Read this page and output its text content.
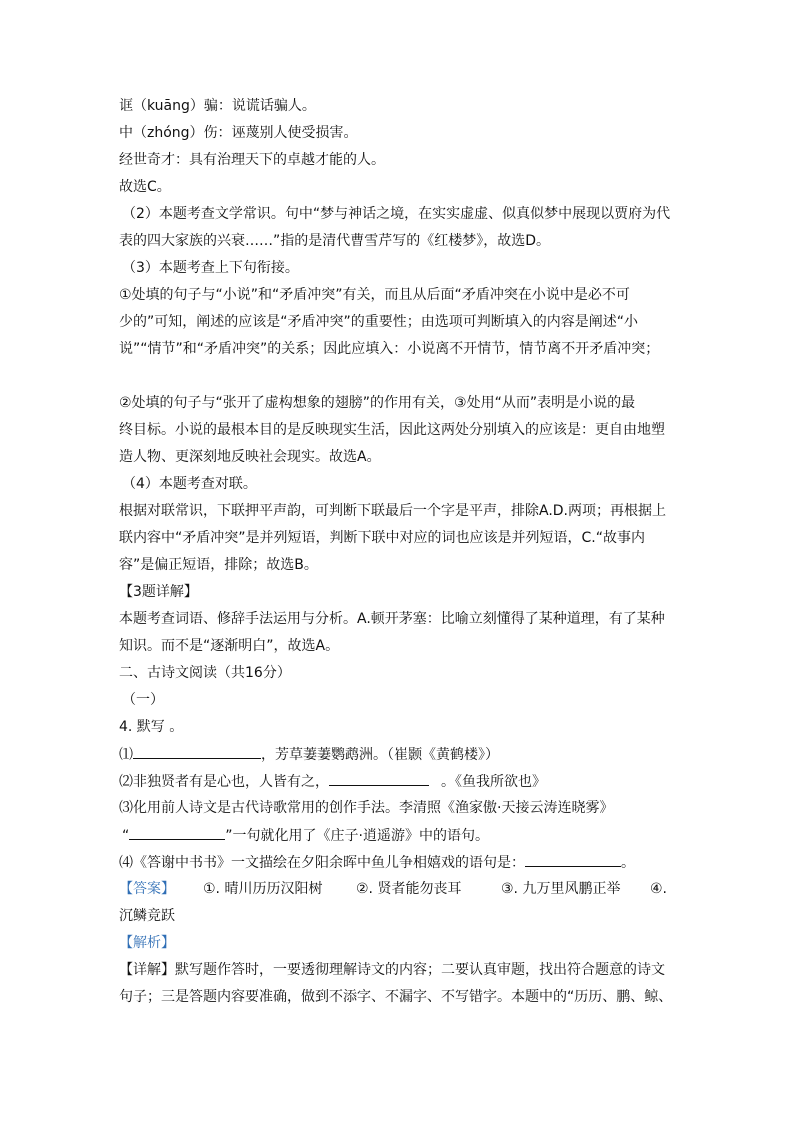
诓（kuāng）骗：说谎话骗人。
中（zhóng）伤：诬蔑别人使受损害。
经世奇才：具有治理天下的卓越才能的人。
故选C。
（2）本题考查文学常识。句中“梦与神话之境，在实实虚虚、似真似梦中展现以贾府为代
表的四大家族的兴衰……”指的是清代曹雪芹写的《红楼梦》，故选D。
（3）本题考查上下句衔接。
①处填的句子与“小说”和“矛盾冲突”有关，而且从后面“矛盾冲突在小说中是必不可
少的”可知，阐述的应该是“矛盾冲突”的重要性；由选项可判断填入的内容是阐述“小
说”“情节”和“矛盾冲突”的关系；因此应填入：小说离不开情节，情节离不开矛盾冲突；
②处填的句子与“张开了虚构想象的翅膀”的作用有关，③处用“从而”表明是小说的最
终目标。小说的最根本目的是反映现实生活，因此这两处分别填入的应该是：更自由地塑
造人物、更深刻地反映社会现实。故选A。
（4）本题考查对联。
根据对联常识，下联押平声韵，可判断下联最后一个字是平声，排除A.D.两项；再根据上
联内容中“矛盾冲突”是并列短语，判断下联中对应的词也应该是并列短语，C.“故事内
容”是偏正短语，排除；故选B。
【3题详解】
本题考查词语、修辞手法运用与分析。A.顿开茅塞：比喻立刻懂得了某种道理，有了某种
知识。而不是“逐渐明白”，故选A。
二、古诗文阅读（共16分）
（一）
4. 默写 。
⑴	，芳草萋萋鹦鹉洲。（崔颢《黄鹤楼》）
⑵非独贤者有是心也，人皆有之，	。《鱼我所欲也》
⑶化用前人诗文是古代诗歌常用的创作手法。李清照《渔家傲·天接云涛连晓雾》
“	”一句就化用了《庄子·逍遥游》中的语句。
⑷《答谢中书书》一文描绘在夕阳余晖中鱼儿争相嬉戏的语句是：	。
【答案】 ①. 晴川历历汉阳树 ②. 贤者能勿丧耳	③. 九万里风鹏正举 ④.
沉鳞竞跃
【解析】
【详解】默写题作答时，一要透彻理解诗文的内容；二要认真审题，找出符合题意的诗文
句子；三是答题内容要准确，做到不添字、不漏字、不写错字。本题中的“历历、鹏、鲸、
